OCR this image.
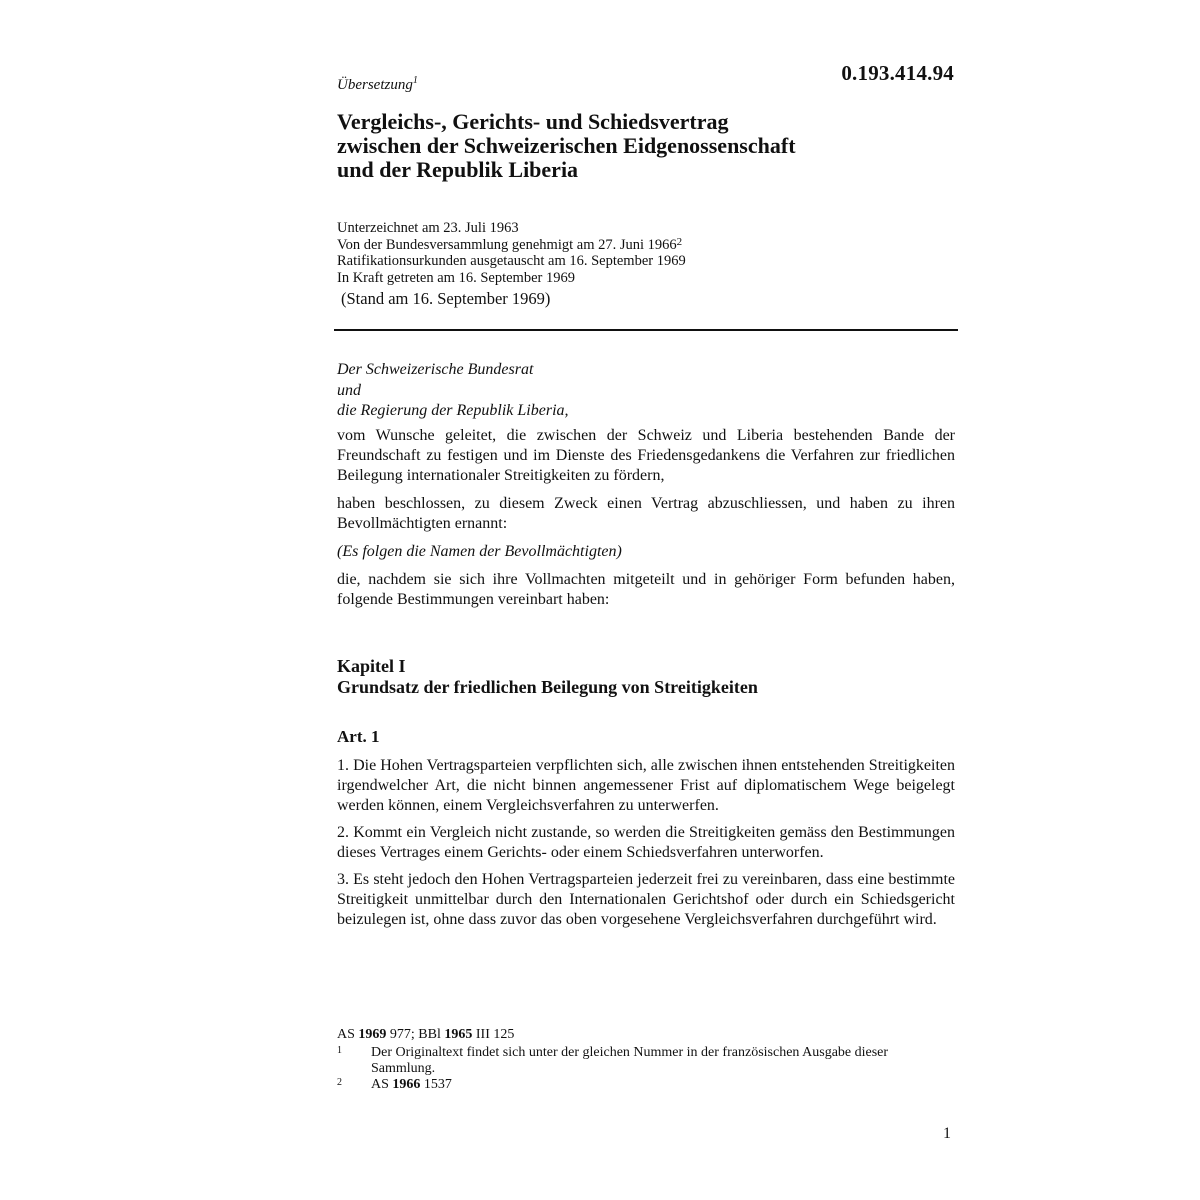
0.193.414.94
Übersetzung$^1$
Vergleichs-, Gerichts- und Schiedsvertrag
zwischen der Schweizerischen Eidgenossenschaft
und der Republik Liberia
Unterzeichnet am 23. Juli 1963
Von der Bundesversammlung genehmigt am 27. Juni 1966$^2$
Ratifikationsurkunden ausgetauscht am 16. September 1969
In Kraft getreten am 16. September 1969
(Stand am 16. September 1969)
Der Schweizerische Bundesrat
und
die Regierung der Republik Liberia,

vom Wunsche geleitet, die zwischen der Schweiz und Liberia bestehenden Bande der Freundschaft zu festigen und im Dienste des Friedensgedankens die Verfahren zur friedlichen Beilegung internationaler Streitigkeiten zu fördern,

haben beschlossen, zu diesem Zweck einen Vertrag abzuschliessen, und haben zu ihren Bevollmächtigten ernannt:

(Es folgen die Namen der Bevollmächtigten)

die, nachdem sie sich ihre Vollmachten mitgeteilt und in gehöriger Form befunden haben, folgende Bestimmungen vereinbart haben:

Kapitel I
Grundsatz der friedlichen Beilegung von Streitigkeiten
Art. 1

1. Die Hohen Vertragsparteien verpflichten sich, alle zwischen ihnen entstehenden Streitigkeiten irgendwelcher Art, die nicht binnen angemessener Frist auf diplomatischem Wege beigelegt werden können, einem Vergleichsverfahren zu unterwerfen.

2. Kommt ein Vergleich nicht zustande, so werden die Streitigkeiten gemäss den Bestimmungen dieses Vertrages einem Gerichts- oder einem Schiedsverfahren unterworfen.

3. Es steht jedoch den Hohen Vertragsparteien jederzeit frei zu vereinbaren, dass eine bestimmte Streitigkeit unmittelbar durch den Internationalen Gerichtshof oder durch ein Schiedsgericht beizulegen ist, ohne dass zuvor das oben vorgesehene Vergleichsverfahren durchgeführt wird.

AS 1969 977; BBl 1965 III 125
1	Der Originaltext findet sich unter der gleichen Nummer in der französischen Ausgabe dieser Sammlung.
2	AS 1966 1537
1
